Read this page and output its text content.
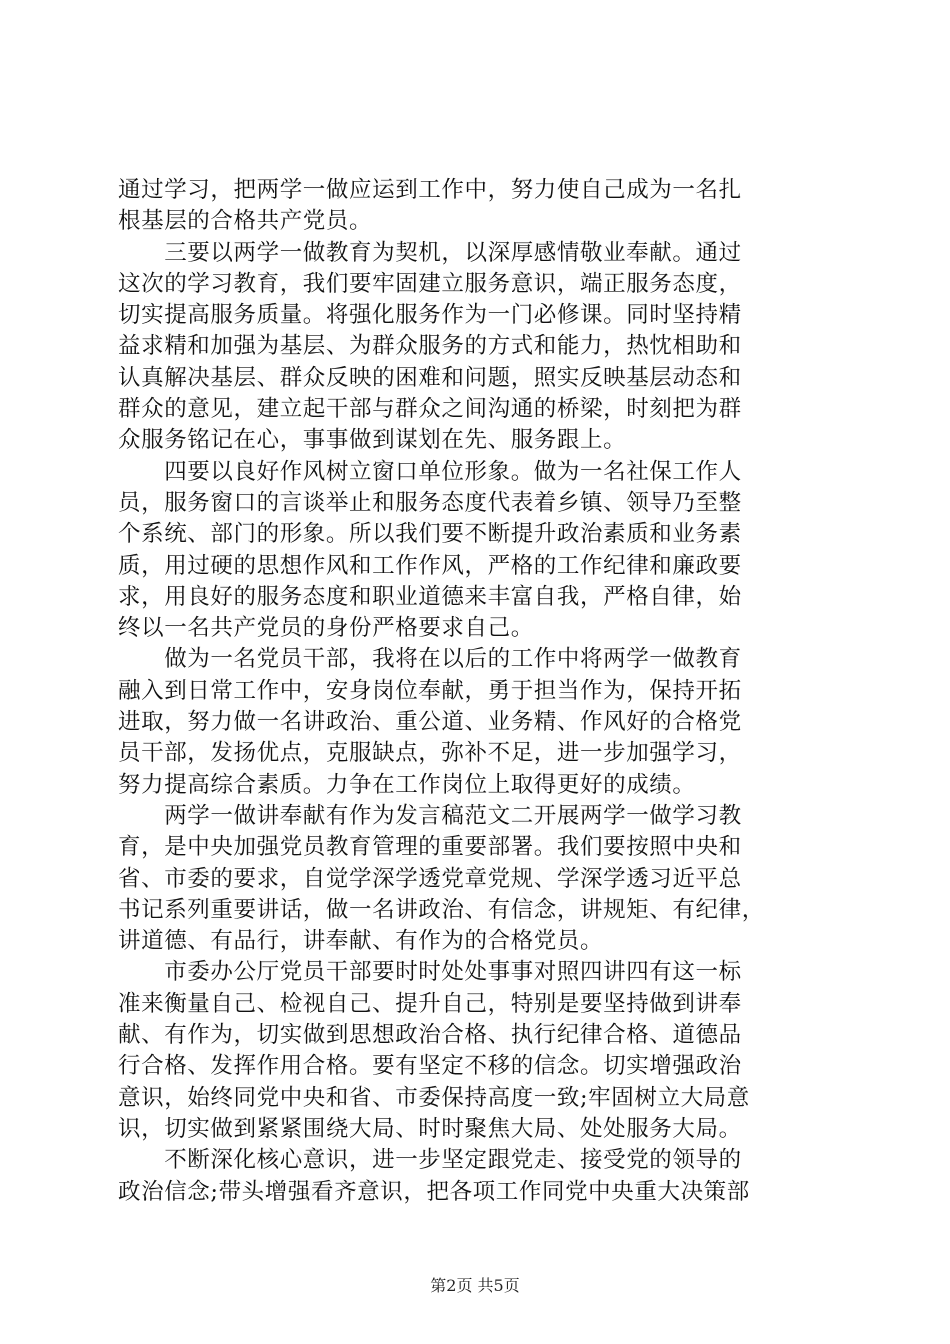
通过学习，把两学一做应运到工作中，努力使自己成为一名扎
根基层的合格共产党员。
　　三要以两学一做教育为契机，以深厚感情敬业奉献。通过
这次的学习教育，我们要牢固建立服务意识，端正服务态度，
切实提高服务质量。将强化服务作为一门必修课。同时坚持精
益求精和加强为基层、为群众服务的方式和能力，热忱相助和
认真解决基层、群众反映的困难和问题，照实反映基层动态和
群众的意见，建立起干部与群众之间沟通的桥梁，时刻把为群
众服务铭记在心，事事做到谋划在先、服务跟上。
　　四要以良好作风树立窗口单位形象。做为一名社保工作人
员，服务窗口的言谈举止和服务态度代表着乡镇、领导乃至整
个系统、部门的形象。所以我们要不断提升政治素质和业务素
质，用过硬的思想作风和工作作风，严格的工作纪律和廉政要
求，用良好的服务态度和职业道德来丰富自我，严格自律，始
终以一名共产党员的身份严格要求自己。
　　做为一名党员干部，我将在以后的工作中将两学一做教育
融入到日常工作中，安身岗位奉献，勇于担当作为，保持开拓
进取，努力做一名讲政治、重公道、业务精、作风好的合格党
员干部，发扬优点，克服缺点，弥补不足，进一步加强学习，
努力提高综合素质。力争在工作岗位上取得更好的成绩。
　　两学一做讲奉献有作为发言稿范文二开展两学一做学习教
育，是中央加强党员教育管理的重要部署。我们要按照中央和
省、市委的要求，自觉学深学透党章党规、学深学透习近平总
书记系列重要讲话，做一名讲政治、有信念，讲规矩、有纪律，
讲道德、有品行，讲奉献、有作为的合格党员。
　　市委办公厅党员干部要时时处处事事对照四讲四有这一标
准来衡量自己、检视自己、提升自己，特别是要坚持做到讲奉
献、有作为，切实做到思想政治合格、执行纪律合格、道德品
行合格、发挥作用合格。要有坚定不移的信念。切实增强政治
意识，始终同党中央和省、市委保持高度一致;牢固树立大局意
识，切实做到紧紧围绕大局、时时聚焦大局、处处服务大局。
　　不断深化核心意识，进一步坚定跟党走、接受党的领导的
政治信念;带头增强看齐意识，把各项工作同党中央重大决策部
第2页 共5页
